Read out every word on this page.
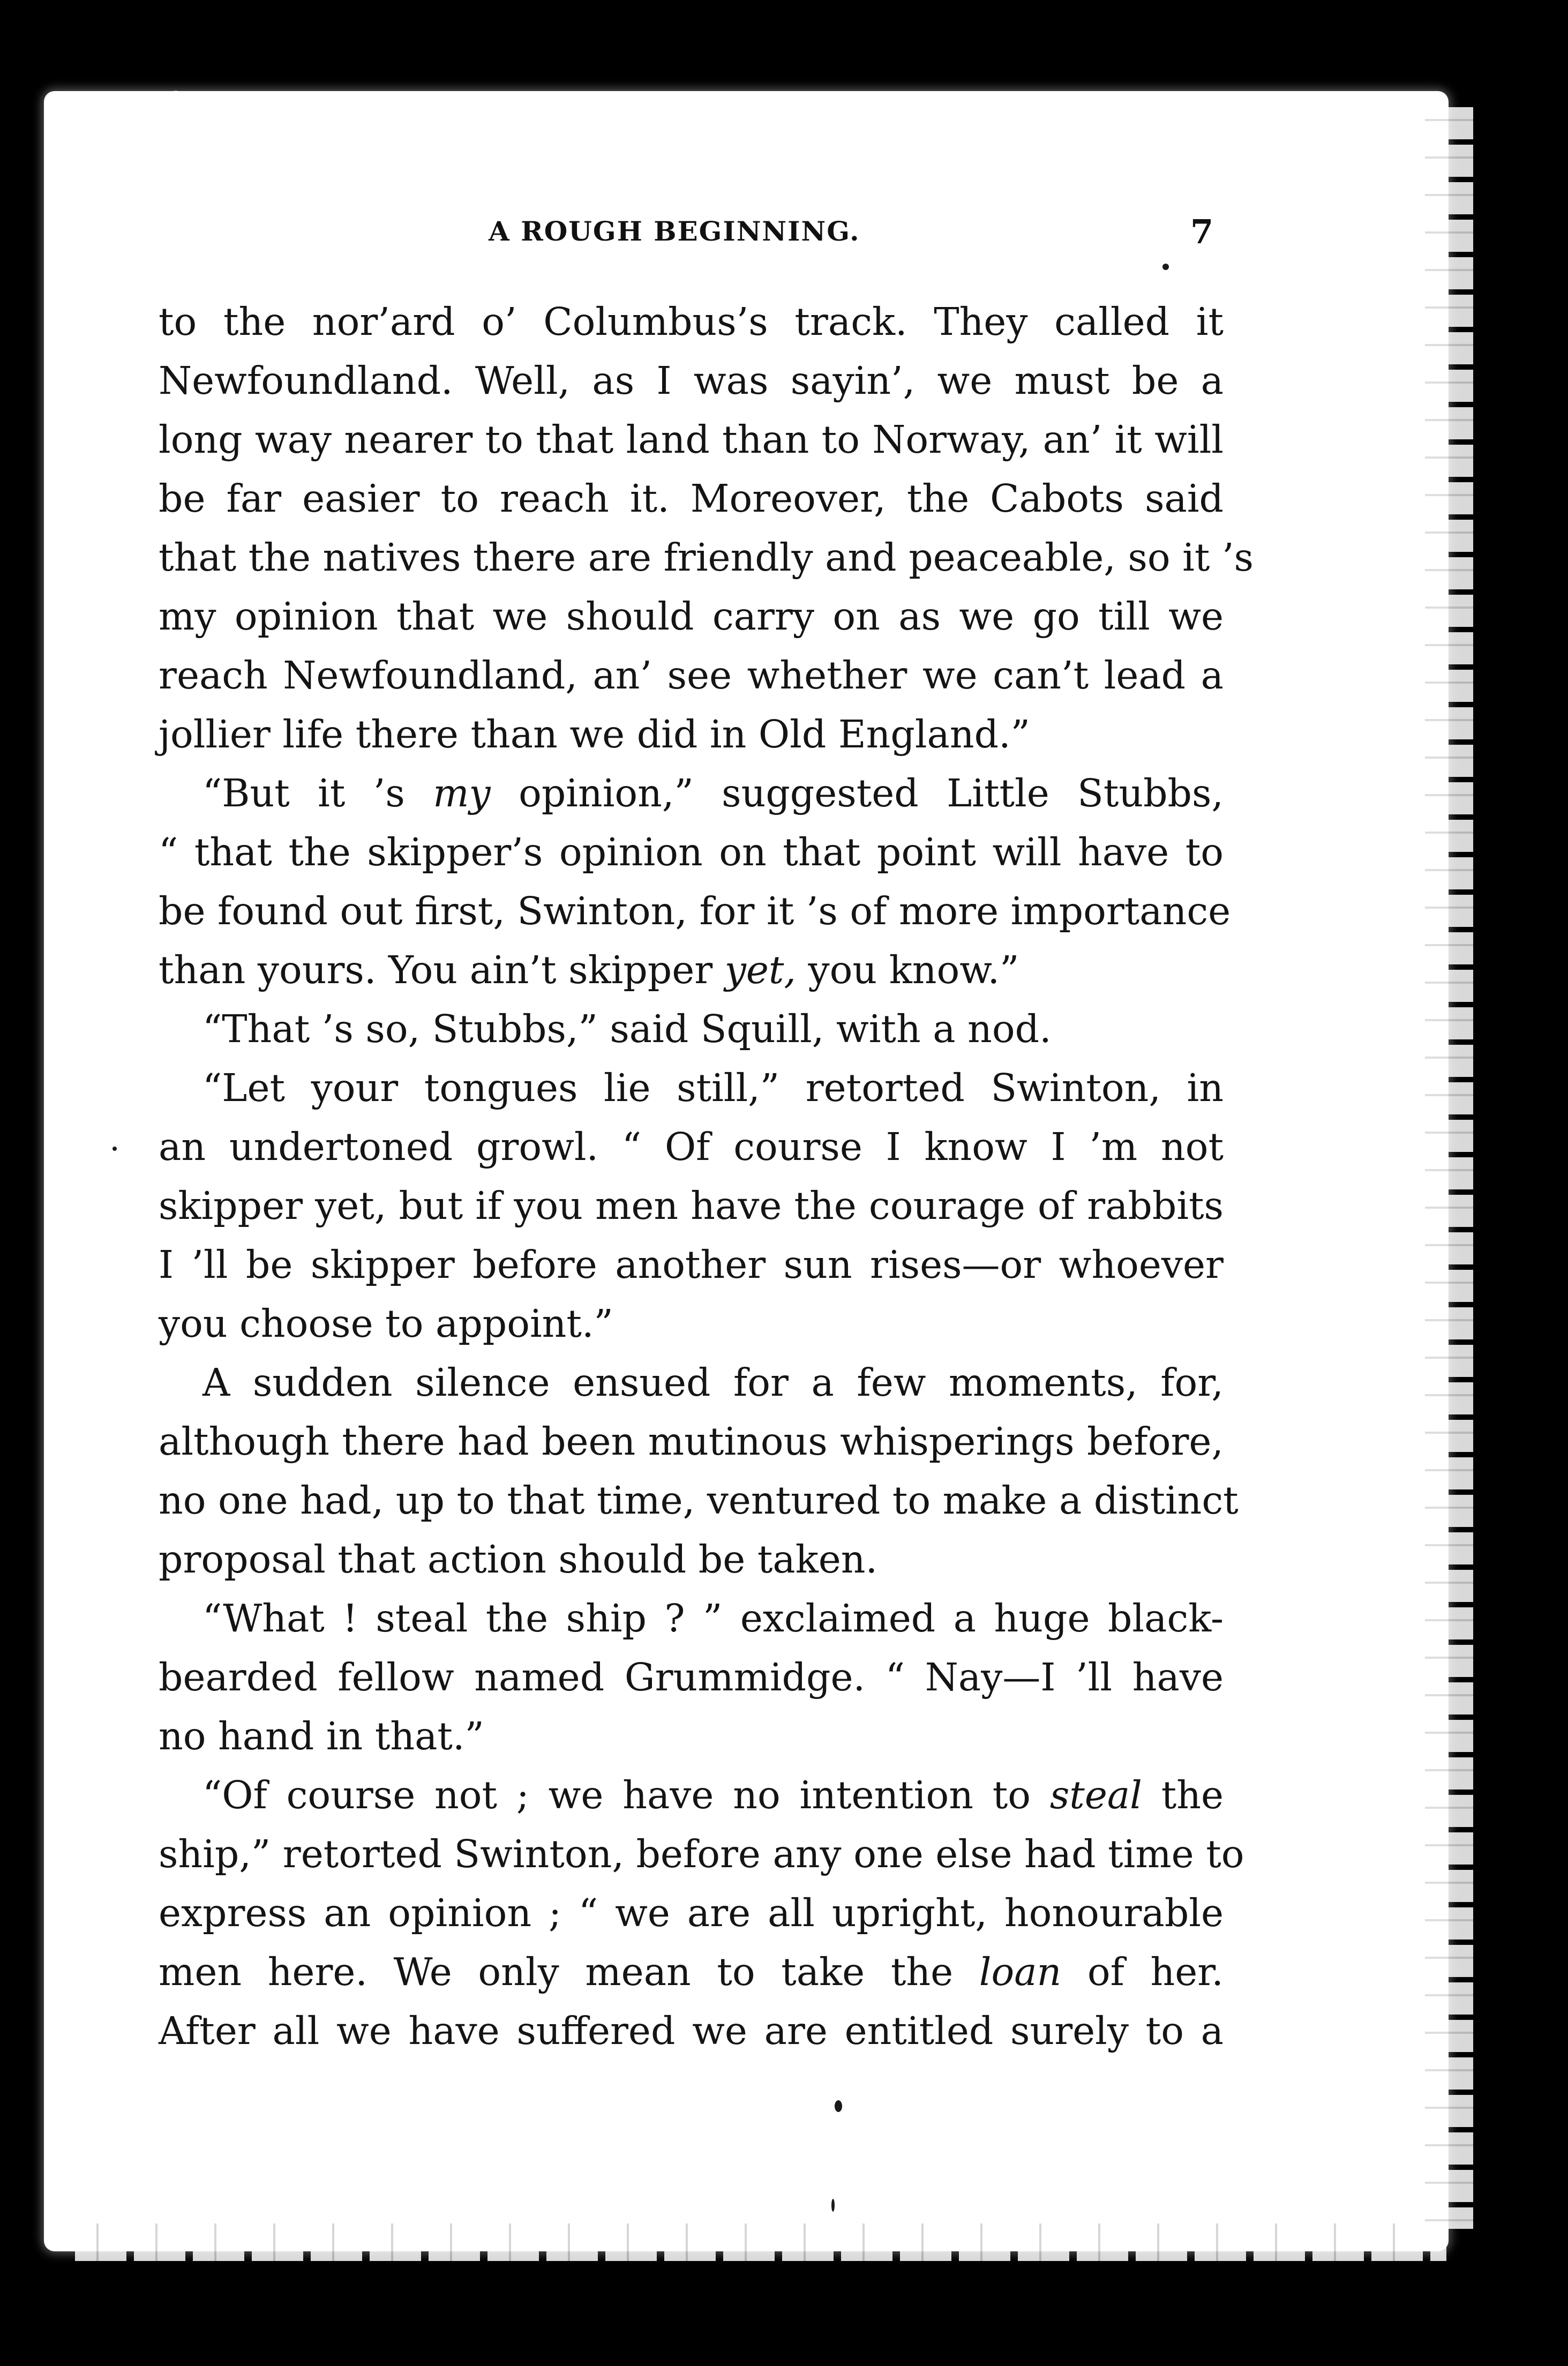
A ROUGH BEGINNING.	7
to the nor’ard o’ Columbus’s track. They called it
Newfoundland. Well, as I was sayin’, we must be a
long way nearer to that land than to Norway, an’ it will
be far easier to reach it. Moreover, the Cabots said
that the natives there are friendly and peaceable, so it ’s
my opinion that we should carry on as we go till we
reach Newfoundland, an’ see whether we can’t lead a
jollier life there than we did in Old England.”
“But it ’s my opinion,” suggested Little Stubbs,
“ that the skipper’s opinion on that point will have to
be found out first, Swinton, for it ’s of more importance
than yours. You ain’t skipper yet, you know.”
“That ’s so, Stubbs,” said Squill, with a nod.
“Let your tongues lie still,” retorted Swinton, in
an undertoned growl. “ Of course I know I ’m not
skipper yet, but if you men have the courage of rabbits
I ’ll be skipper before another sun rises—or whoever
you choose to appoint.”
A sudden silence ensued for a few moments, for,
although there had been mutinous whisperings before,
no one had, up to that time, ventured to make a distinct
proposal that action should be taken.
“What ! steal the ship ? ” exclaimed a huge black-
bearded fellow named Grummidge. “ Nay—I ’ll have
no hand in that.”
“Of course not ; we have no intention to steal the
ship,” retorted Swinton, before any one else had time to
express an opinion ; “ we are all upright, honourable
men here. We only mean to take the loan of her.
After all we have suffered we are entitled surely to a
